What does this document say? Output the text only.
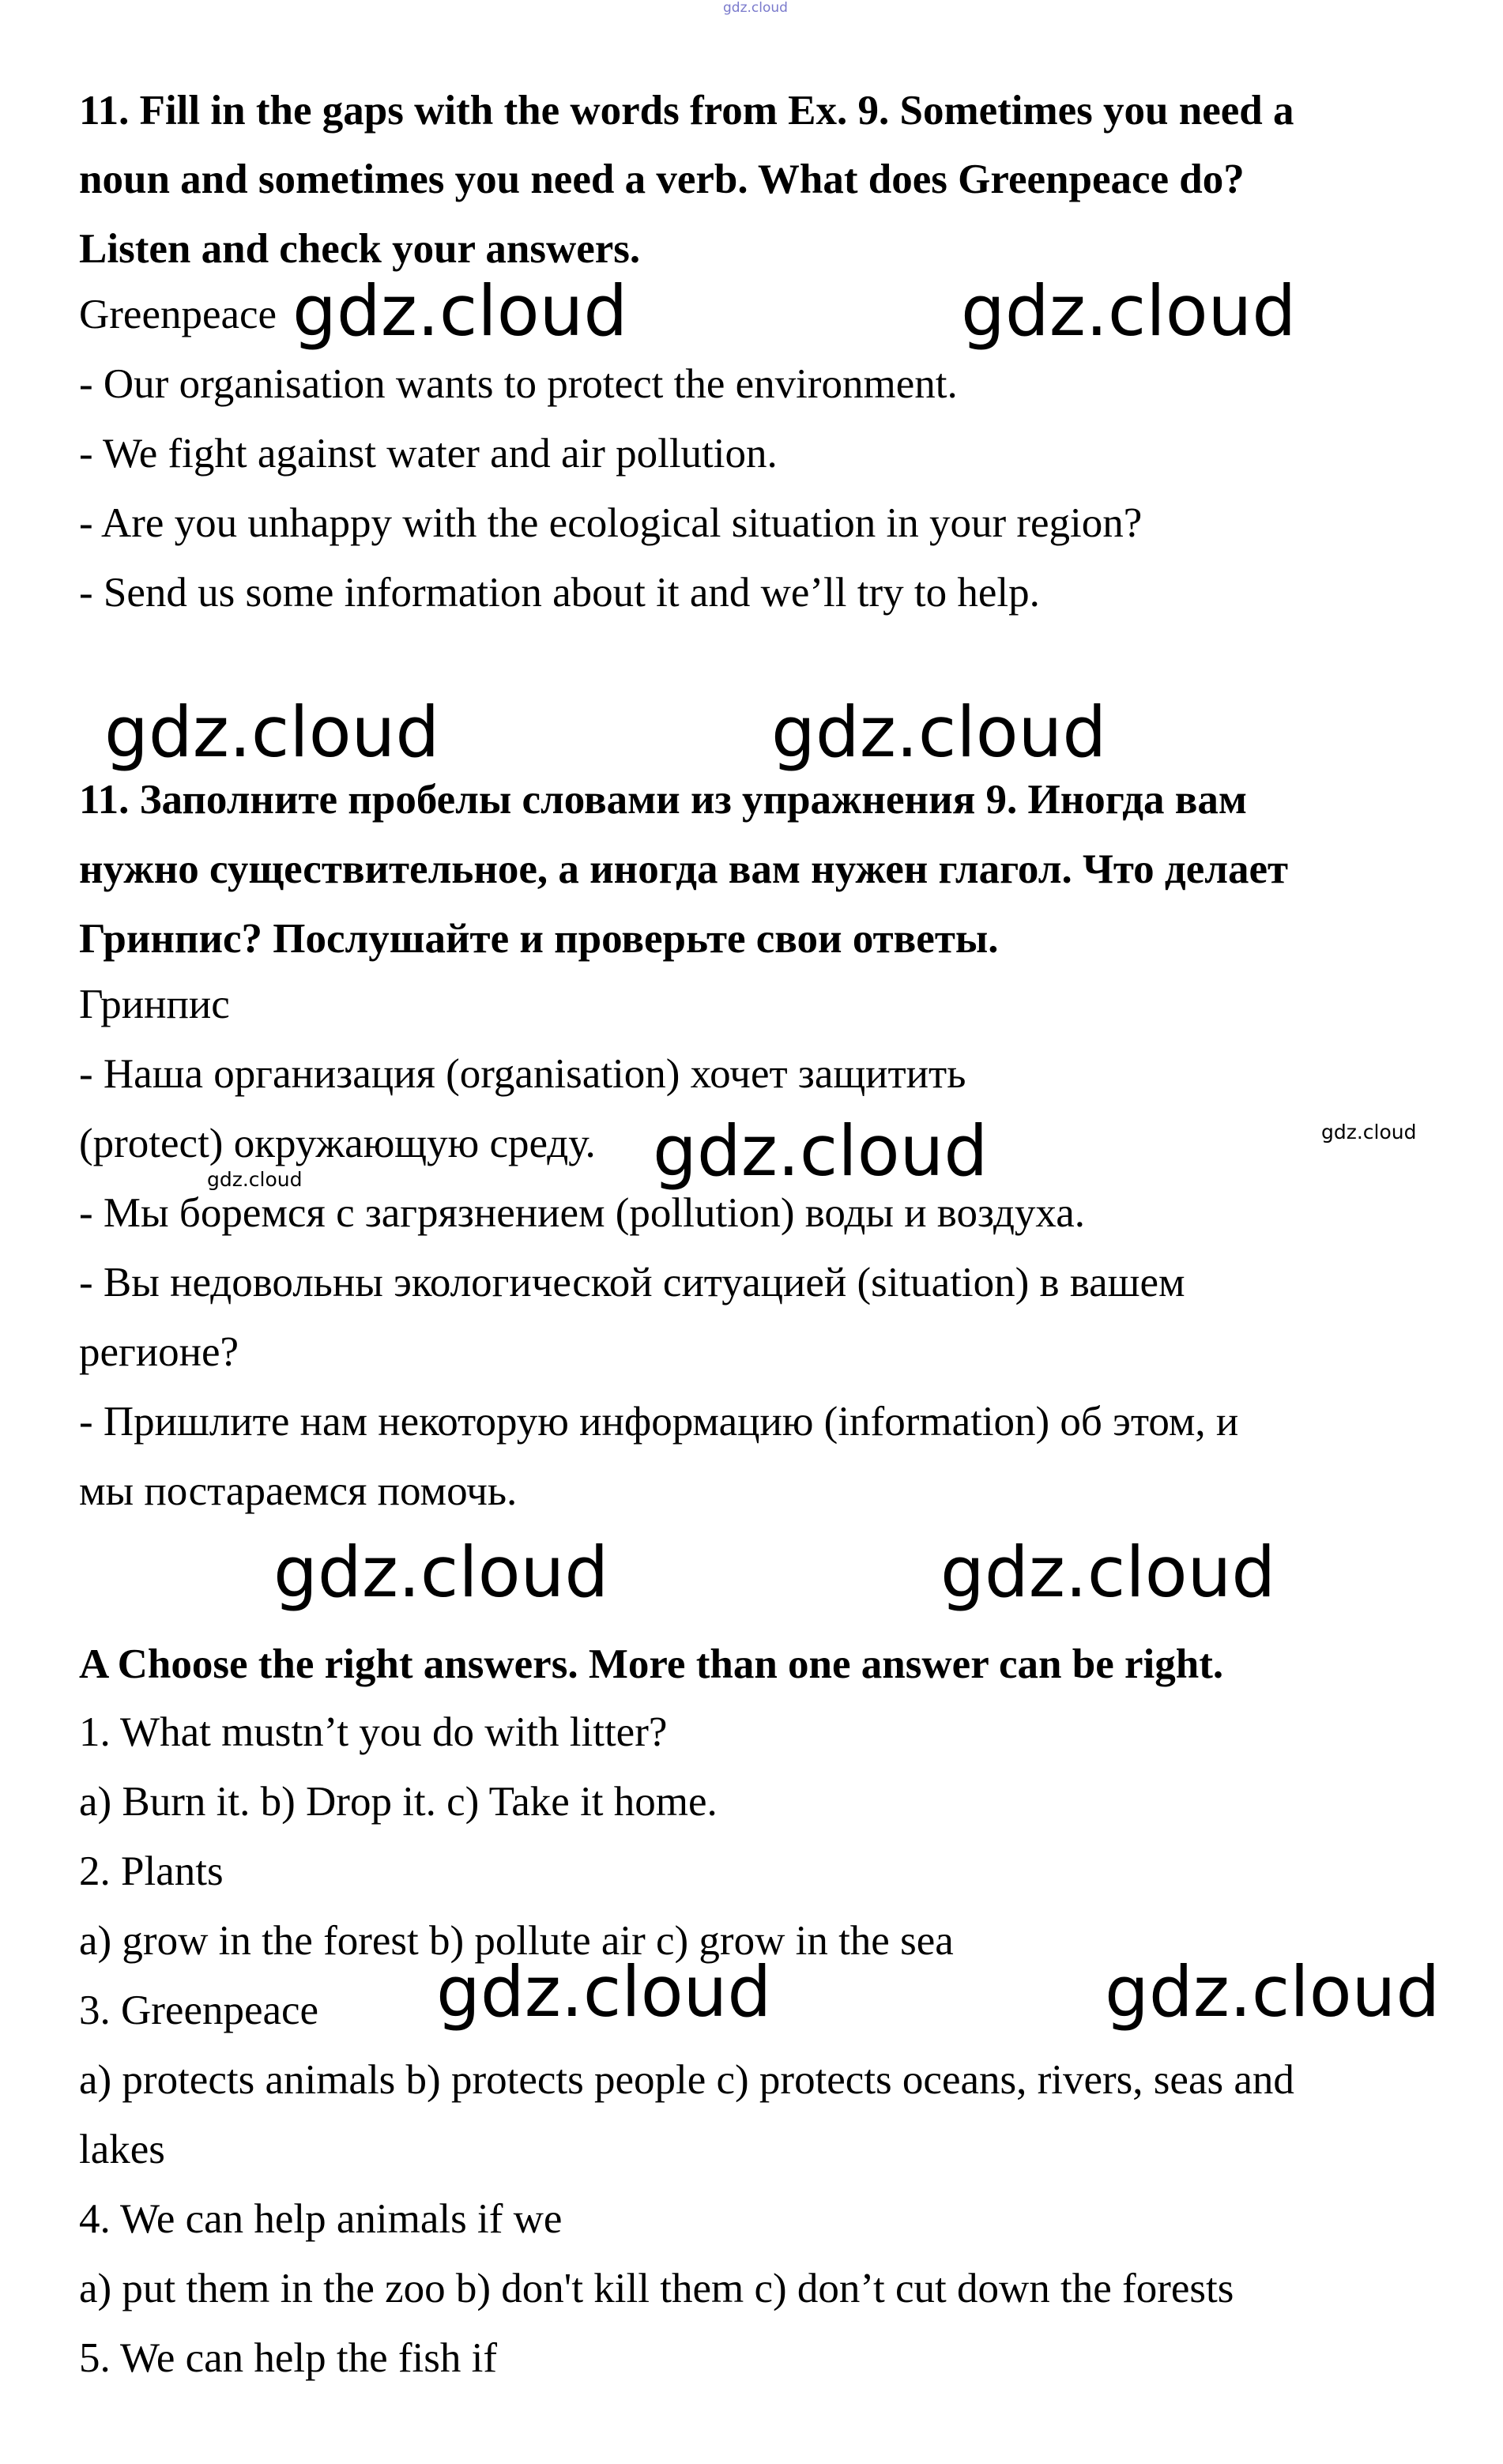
gdz.cloud
11. Fill in the gaps with the words from Ex. 9. Sometimes you need a
noun and sometimes you need a verb. What does Greenpeace do?
Listen and check your answers.
Greenpeace
- Our organisation wants to protect the environment.
- We fight against water and air pollution.
- Are you unhappy with the ecological situation in your region?
- Send us some information about it and we’ll try to help.
11. Заполните пробелы словами из упражнения 9. Иногда вам
нужно существительное, а иногда вам нужен глагол. Что делает
Гринпис? Послушайте и проверьте свои ответы.
Гринпис
- Наша организация (organisation) хочет защитить
(protect) окружающую среду.
- Мы боремся с загрязнением (pollution) воды и воздуха.
- Вы недовольны экологической ситуацией (situation) в вашем
регионе?
- Пришлите нам некоторую информацию (information) об этом, и
мы постараемся помочь.
A Choose the right answers. More than one answer can be right.
1. What mustn’t you do with litter?
a) Burn it. b) Drop it. c) Take it home.
2. Plants
a) grow in the forest b) pollute air c) grow in the sea
3. Greenpeace
a) protects animals b) protects people c) protects oceans, rivers, seas and
lakes
4. We can help animals if we
a) put them in the zoo b) don't kill them c) don’t cut down the forests
5. We can help the fish if
gdz.cloud	gdz.cloud
gdz.cloud	gdz.cloud
gdz.cloud	gdz.cloud
gdz.cloud
gdz.cloud	gdz.cloud
gdz.cloud	gdz.cloud
